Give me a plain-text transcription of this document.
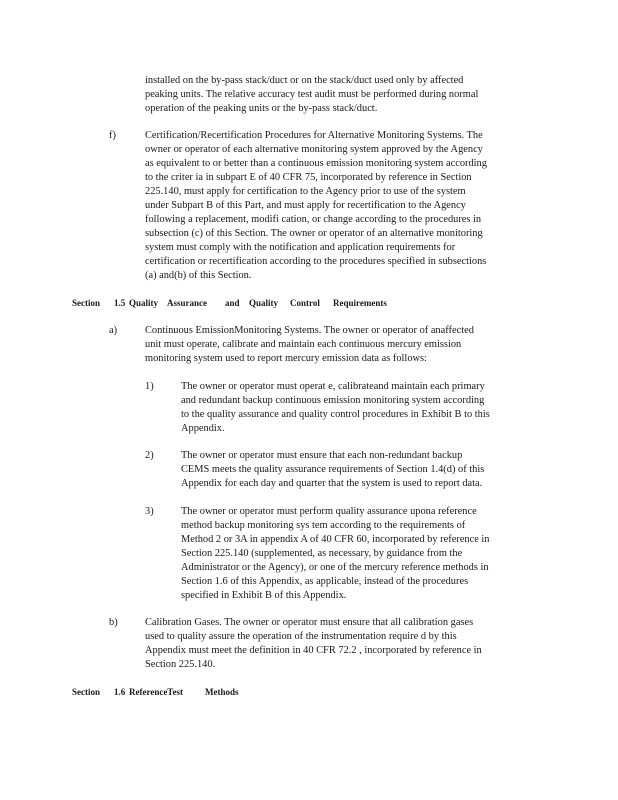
installed on the by-pass stack/duct or on the stack/duct used only by affected
peaking units. The relative accuracy test audit must be performed during normal
operation of the peaking units or the by-pass stack/duct.
f)	Certification/Recertification Procedures for Alternative Monitoring Systems. The
owner or operator of each alternative monitoring system approved by the Agency
as equivalent to or better than a continuous emission monitoring system according
to the criter ia in subpart E of 40 CFR 75, incorporated by reference in Section
225.140, must apply for certification to the Agency prior to use of the system
under Subpart B of this Part, and must apply for recertification to the Agency
following a replacement, modifi cation, or change according to the procedures in
subsection (c) of this Section. The owner or operator of an alternative monitoring
system must comply with the notification and application requirements for
certification or recertification according to the procedures specified in subsections
(a) and(b) of this Section.
Section 1.5 Quality Assurance and Quality Control Requirements
a)	Continuous EmissionMonitoring Systems. The owner or operator of anaffected
unit must operate, calibrate and maintain each continuous mercury emission
monitoring system used to report mercury emission data as follows:
1)	The owner or operator must operat e, calibrateand maintain each primary
and redundant backup continuous emission monitoring system according
to the quality assurance and quality control procedures in Exhibit B to this
Appendix.
2)	The owner or operator must ensure that each non-redundant backup
CEMS meets the quality assurance requirements of Section 1.4(d) of this
Appendix for each day and quarter that the system is used to report data.
3)	The owner or operator must perform quality assurance upona reference
method backup monitoring sys tem according to the requirements of
Method 2 or 3A in appendix A of 40 CFR 60, incorporated by reference in
Section 225.140 (supplemented, as necessary, by guidance from the
Administrator or the Agency), or one of the mercury reference methods in
Section 1.6 of this Appendix, as applicable, instead of the procedures
specified in Exhibit B of this Appendix.
b)	Calibration Gases. The owner or operator must ensure that all calibration gases
used to quality assure the operation of the instrumentation require d by this
Appendix must meet the definition in 40 CFR 72.2 , incorporated by reference in
Section 225.140.
Section 1.6 ReferenceTest Methods
